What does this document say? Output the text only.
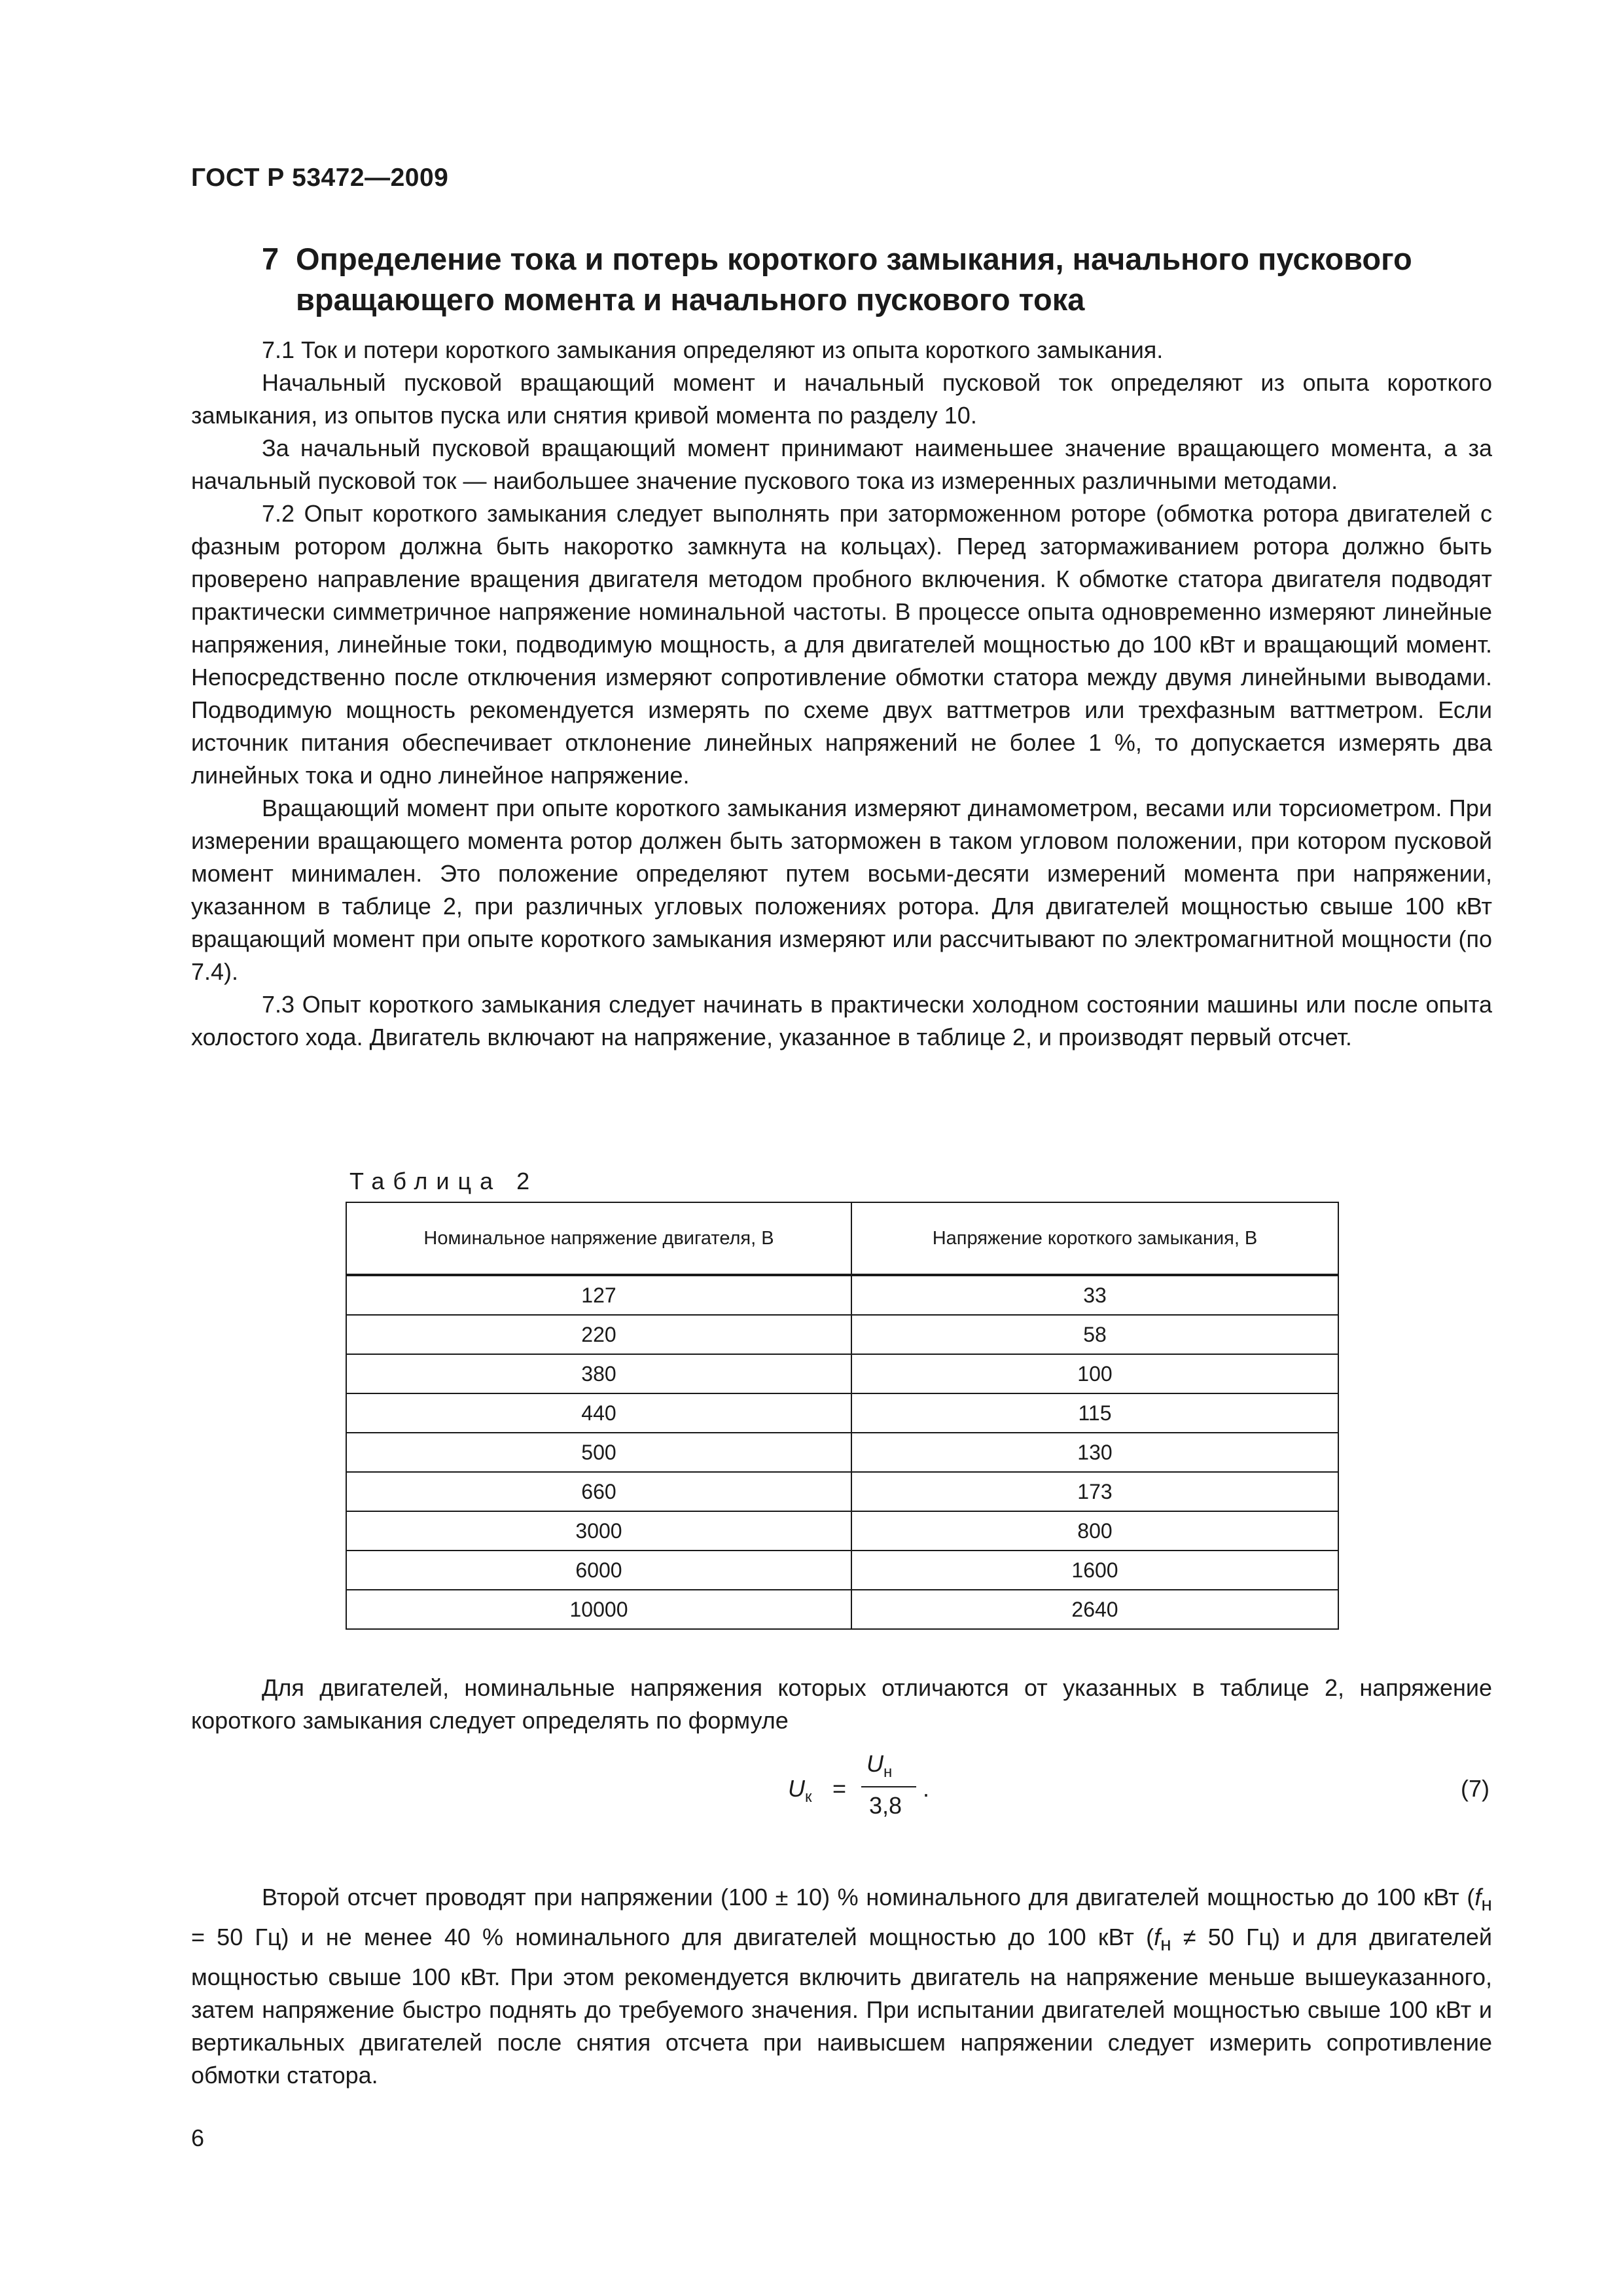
ГОСТ Р 53472—2009
7 Определение тока и потерь короткого замыкания, начального пускового вращающего момента и начального пускового тока

7.1 Ток и потери короткого замыкания определяют из опыта короткого замыкания.

Начальный пусковой вращающий момент и начальный пусковой ток определяют из опыта короткого замыкания, из опытов пуска или снятия кривой момента по разделу 10.

За начальный пусковой вращающий момент принимают наименьшее значение вращающего момента, а за начальный пусковой ток — наибольшее значение пускового тока из измеренных различными методами.

7.2 Опыт короткого замыкания следует выполнять при заторможенном роторе (обмотка ротора двигателей с фазным ротором должна быть накоротко замкнута на кольцах). Перед затормаживанием ротора должно быть проверено направление вращения двигателя методом пробного включения. К обмотке статора двигателя подводят практически симметричное напряжение номинальной частоты. В процессе опыта одновременно измеряют линейные напряжения, линейные токи, подводимую мощность, а для двигателей мощностью до 100 кВт и вращающий момент. Непосредственно после отключения измеряют сопротивление обмотки статора между двумя линейными выводами. Подводимую мощность рекомендуется измерять по схеме двух ваттметров или трехфазным ваттметром. Если источник питания обеспечивает отклонение линейных напряжений не более 1 %, то допускается измерять два линейных тока и одно линейное напряжение.

Вращающий момент при опыте короткого замыкания измеряют динамометром, весами или торсиометром. При измерении вращающего момента ротор должен быть заторможен в таком угловом положении, при котором пусковой момент минимален. Это положение определяют путем восьми-десяти измерений момента при напряжении, указанном в таблице 2, при различных угловых положениях ротора. Для двигателей мощностью свыше 100 кВт вращающий момент при опыте короткого замыкания измеряют или рассчитывают по электромагнитной мощности (по 7.4).

7.3 Опыт короткого замыкания следует начинать в практически холодном состоянии машины или после опыта холостого хода. Двигатель включают на напряжение, указанное в таблице 2, и производят первый отсчет.

Таблица 2
Номинальное напряжение двигателя, В	Напряжение короткого замыкания, В
127	33
220	58
380	100
440	115
500	130
660	173
3000	800
6000	1600
10000	2640

Для двигателей, номинальные напряжения которых отличаются от указанных в таблице 2, напряжение короткого замыкания следует определять по формуле

$U_к$ =
$U_н$
3,8
.	(7)

Второй отсчет проводят при напряжении (100 ± 10) % номинального для двигателей мощностью до 100 кВт ($f_н = 50$ Гц) и не менее 40 % номинального для двигателей мощностью до 100 кВт ($f_н \ne 50$ Гц) и для двигателей мощностью свыше 100 кВт. При этом рекомендуется включить двигатель на напряжение меньше вышеуказанного, затем напряжение быстро поднять до требуемого значения. При испытании двигателей мощностью свыше 100 кВт и вертикальных двигателей после снятия отсчета при наивысшем напряжении следует измерить сопротивление обмотки статора.

6
